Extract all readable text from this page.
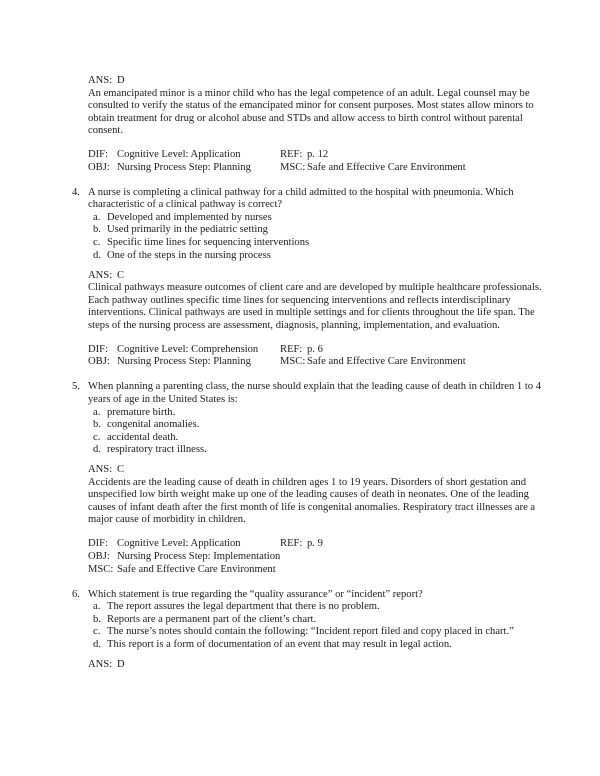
ANS: D

An emancipated minor is a minor child who has the legal competence of an adult. Legal counsel may be consulted to verify the status of the emancipated minor for consent purposes. Most states allow minors to obtain treatment for drug or alcohol abuse and STDs and allow access to birth control without parental consent.

DIF: Cognitive Level: Application	REF: p. 12
OBJ: Nursing Process Step: Planning	MSC: Safe and Effective Care Environment
4. A nurse is completing a clinical pathway for a child admitted to the hospital with pneumonia. Which characteristic of a clinical pathway is correct?
a. Developed and implemented by nurses
b. Used primarily in the pediatric setting
c. Specific time lines for sequencing interventions
d. One of the steps in the nursing process
ANS: C

Clinical pathways measure outcomes of client care and are developed by multiple healthcare professionals. Each pathway outlines specific time lines for sequencing interventions and reflects interdisciplinary interventions. Clinical pathways are used in multiple settings and for clients throughout the life span. The steps of the nursing process are assessment, diagnosis, planning, implementation, and evaluation.

DIF: Cognitive Level: Comprehension	REF: p. 6
OBJ: Nursing Process Step: Planning	MSC: Safe and Effective Care Environment
5. When planning a parenting class, the nurse should explain that the leading cause of death in children 1 to 4 years of age in the United States is:
a. premature birth.
b. congenital anomalies.
c. accidental death.
d. respiratory tract illness.
ANS: C

Accidents are the leading cause of death in children ages 1 to 19 years. Disorders of short gestation and unspecified low birth weight make up one of the leading causes of death in neonates. One of the leading causes of infant death after the first month of life is congenital anomalies. Respiratory tract illnesses are a major cause of morbidity in children.

DIF: Cognitive Level: Application	REF: p. 9
OBJ: Nursing Process Step: Implementation
MSC: Safe and Effective Care Environment
6. Which statement is true regarding the “quality assurance” or “incident” report?
a. The report assures the legal department that there is no problem.
b. Reports are a permanent part of the client’s chart.
c. The nurse’s notes should contain the following: “Incident report filed and copy placed in chart.”
d. This report is a form of documentation of an event that may result in legal action.
ANS: D
